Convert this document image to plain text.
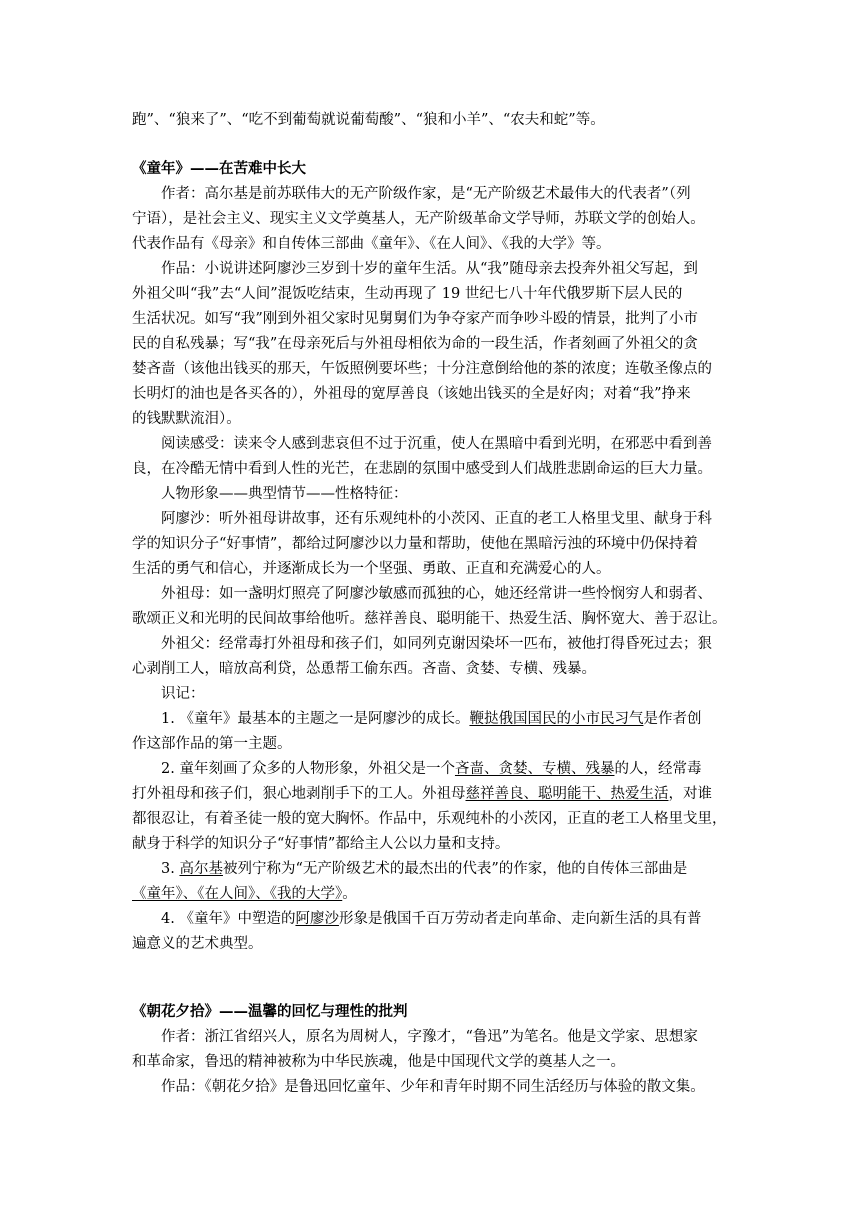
跑”、“狼来了”、“吃不到葡萄就说葡萄酸”、“狼和小羊”、“农夫和蛇”等。
《童年》——在苦难中长大
作者：高尔基是前苏联伟大的无产阶级作家，是“无产阶级艺术最伟大的代表者”（列
宁语），是社会主义、现实主义文学奠基人，无产阶级革命文学导师，苏联文学的创始人。
代表作品有《母亲》和自传体三部曲《童年》、《在人间》、《我的大学》等。
作品：小说讲述阿廖沙三岁到十岁的童年生活。从“我”随母亲去投奔外祖父写起，到
外祖父叫“我”去“人间”混饭吃结束，生动再现了 19 世纪七八十年代俄罗斯下层人民的
生活状况。如写“我”刚到外祖父家时见舅舅们为争夺家产而争吵斗殴的情景，批判了小市
民的自私残暴；写“我”在母亲死后与外祖母相依为命的一段生活，作者刻画了外祖父的贪
婪吝啬（该他出钱买的那天，午饭照例要坏些；十分注意倒给他的茶的浓度；连敬圣像点的
长明灯的油也是各买各的），外祖母的宽厚善良（该她出钱买的全是好肉；对着“我”挣来
的钱默默流泪）。
阅读感受：读来令人感到悲哀但不过于沉重，使人在黑暗中看到光明，在邪恶中看到善
良，在冷酷无情中看到人性的光芒，在悲剧的氛围中感受到人们战胜悲剧命运的巨大力量。
人物形象——典型情节——性格特征：
阿廖沙：听外祖母讲故事，还有乐观纯朴的小茨冈、正直的老工人格里戈里、献身于科
学的知识分子“好事情”，都给过阿廖沙以力量和帮助，使他在黑暗污浊的环境中仍保持着
生活的勇气和信心，并逐渐成长为一个坚强、勇敢、正直和充满爱心的人。
外祖母：如一盏明灯照亮了阿廖沙敏感而孤独的心，她还经常讲一些怜悯穷人和弱者、
歌颂正义和光明的民间故事给他听。慈祥善良、聪明能干、热爱生活、胸怀宽大、善于忍让。
外祖父：经常毒打外祖母和孩子们，如同列克谢因染坏一匹布，被他打得昏死过去；狠
心剥削工人，暗放高利贷，怂恿帮工偷东西。吝啬、贪婪、专横、残暴。
识记：
1. 《童年》最基本的主题之一是阿廖沙的成长。鞭挞俄国国民的小市民习气是作者创
作这部作品的第一主题。
2. 童年刻画了众多的人物形象，外祖父是一个吝啬、贪婪、专横、残暴的人，经常毒
打外祖母和孩子们，狠心地剥削手下的工人。外祖母慈祥善良、聪明能干、热爱生活，对谁
都很忍让，有着圣徒一般的宽大胸怀。作品中，乐观纯朴的小茨冈，正直的老工人格里戈里，
献身于科学的知识分子“好事情”都给主人公以力量和支持。
3. 高尔基被列宁称为“无产阶级艺术的最杰出的代表”的作家，他的自传体三部曲是
《童年》、《在人间》、《我的大学》。
4. 《童年》中塑造的阿廖沙形象是俄国千百万劳动者走向革命、走向新生活的具有普
遍意义的艺术典型。
《朝花夕拾》——温馨的回忆与理性的批判
作者：浙江省绍兴人，原名为周树人，字豫才，“鲁迅”为笔名。他是文学家、思想家
和革命家，鲁迅的精神被称为中华民族魂，他是中国现代文学的奠基人之一。
作品：《朝花夕拾》是鲁迅回忆童年、少年和青年时期不同生活经历与体验的散文集。
